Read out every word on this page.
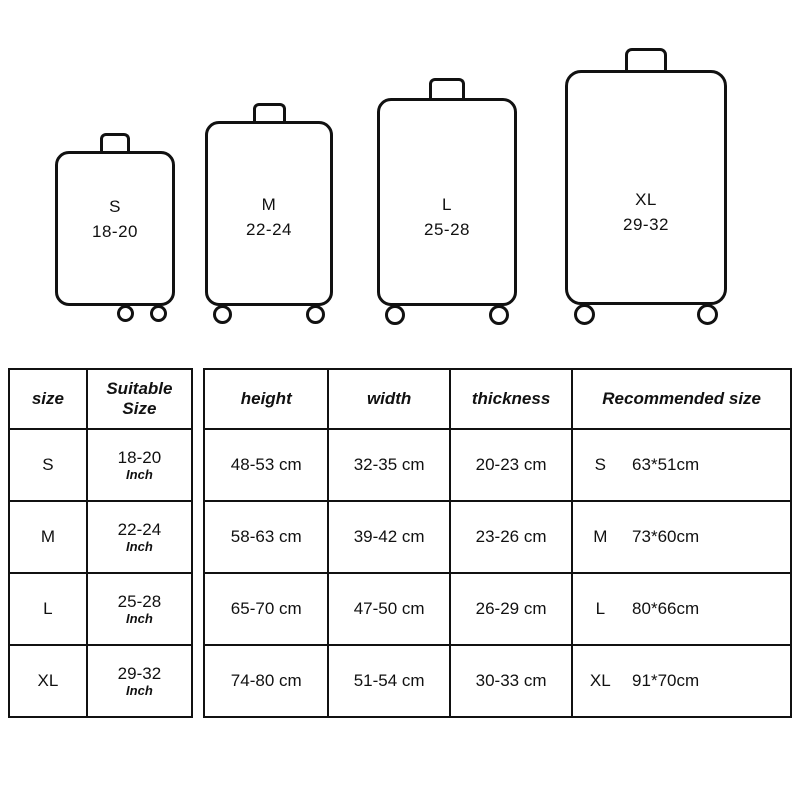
S
18-20
M
22-24
L
25-28
XL
29-32
size	Suitable Size
S	18-20
Inch

M	22-24
Inch

L	25-28
Inch

XL	29-32
Inch
height	width	thickness	Recommended size
48-53 cm	32-35 cm	20-23 cm	S 63*51cm
58-63 cm	39-42 cm	23-26 cm	M 73*60cm
65-70 cm	47-50 cm	26-29 cm	L 80*66cm
74-80 cm	51-54 cm	30-33 cm	XL 91*70cm
